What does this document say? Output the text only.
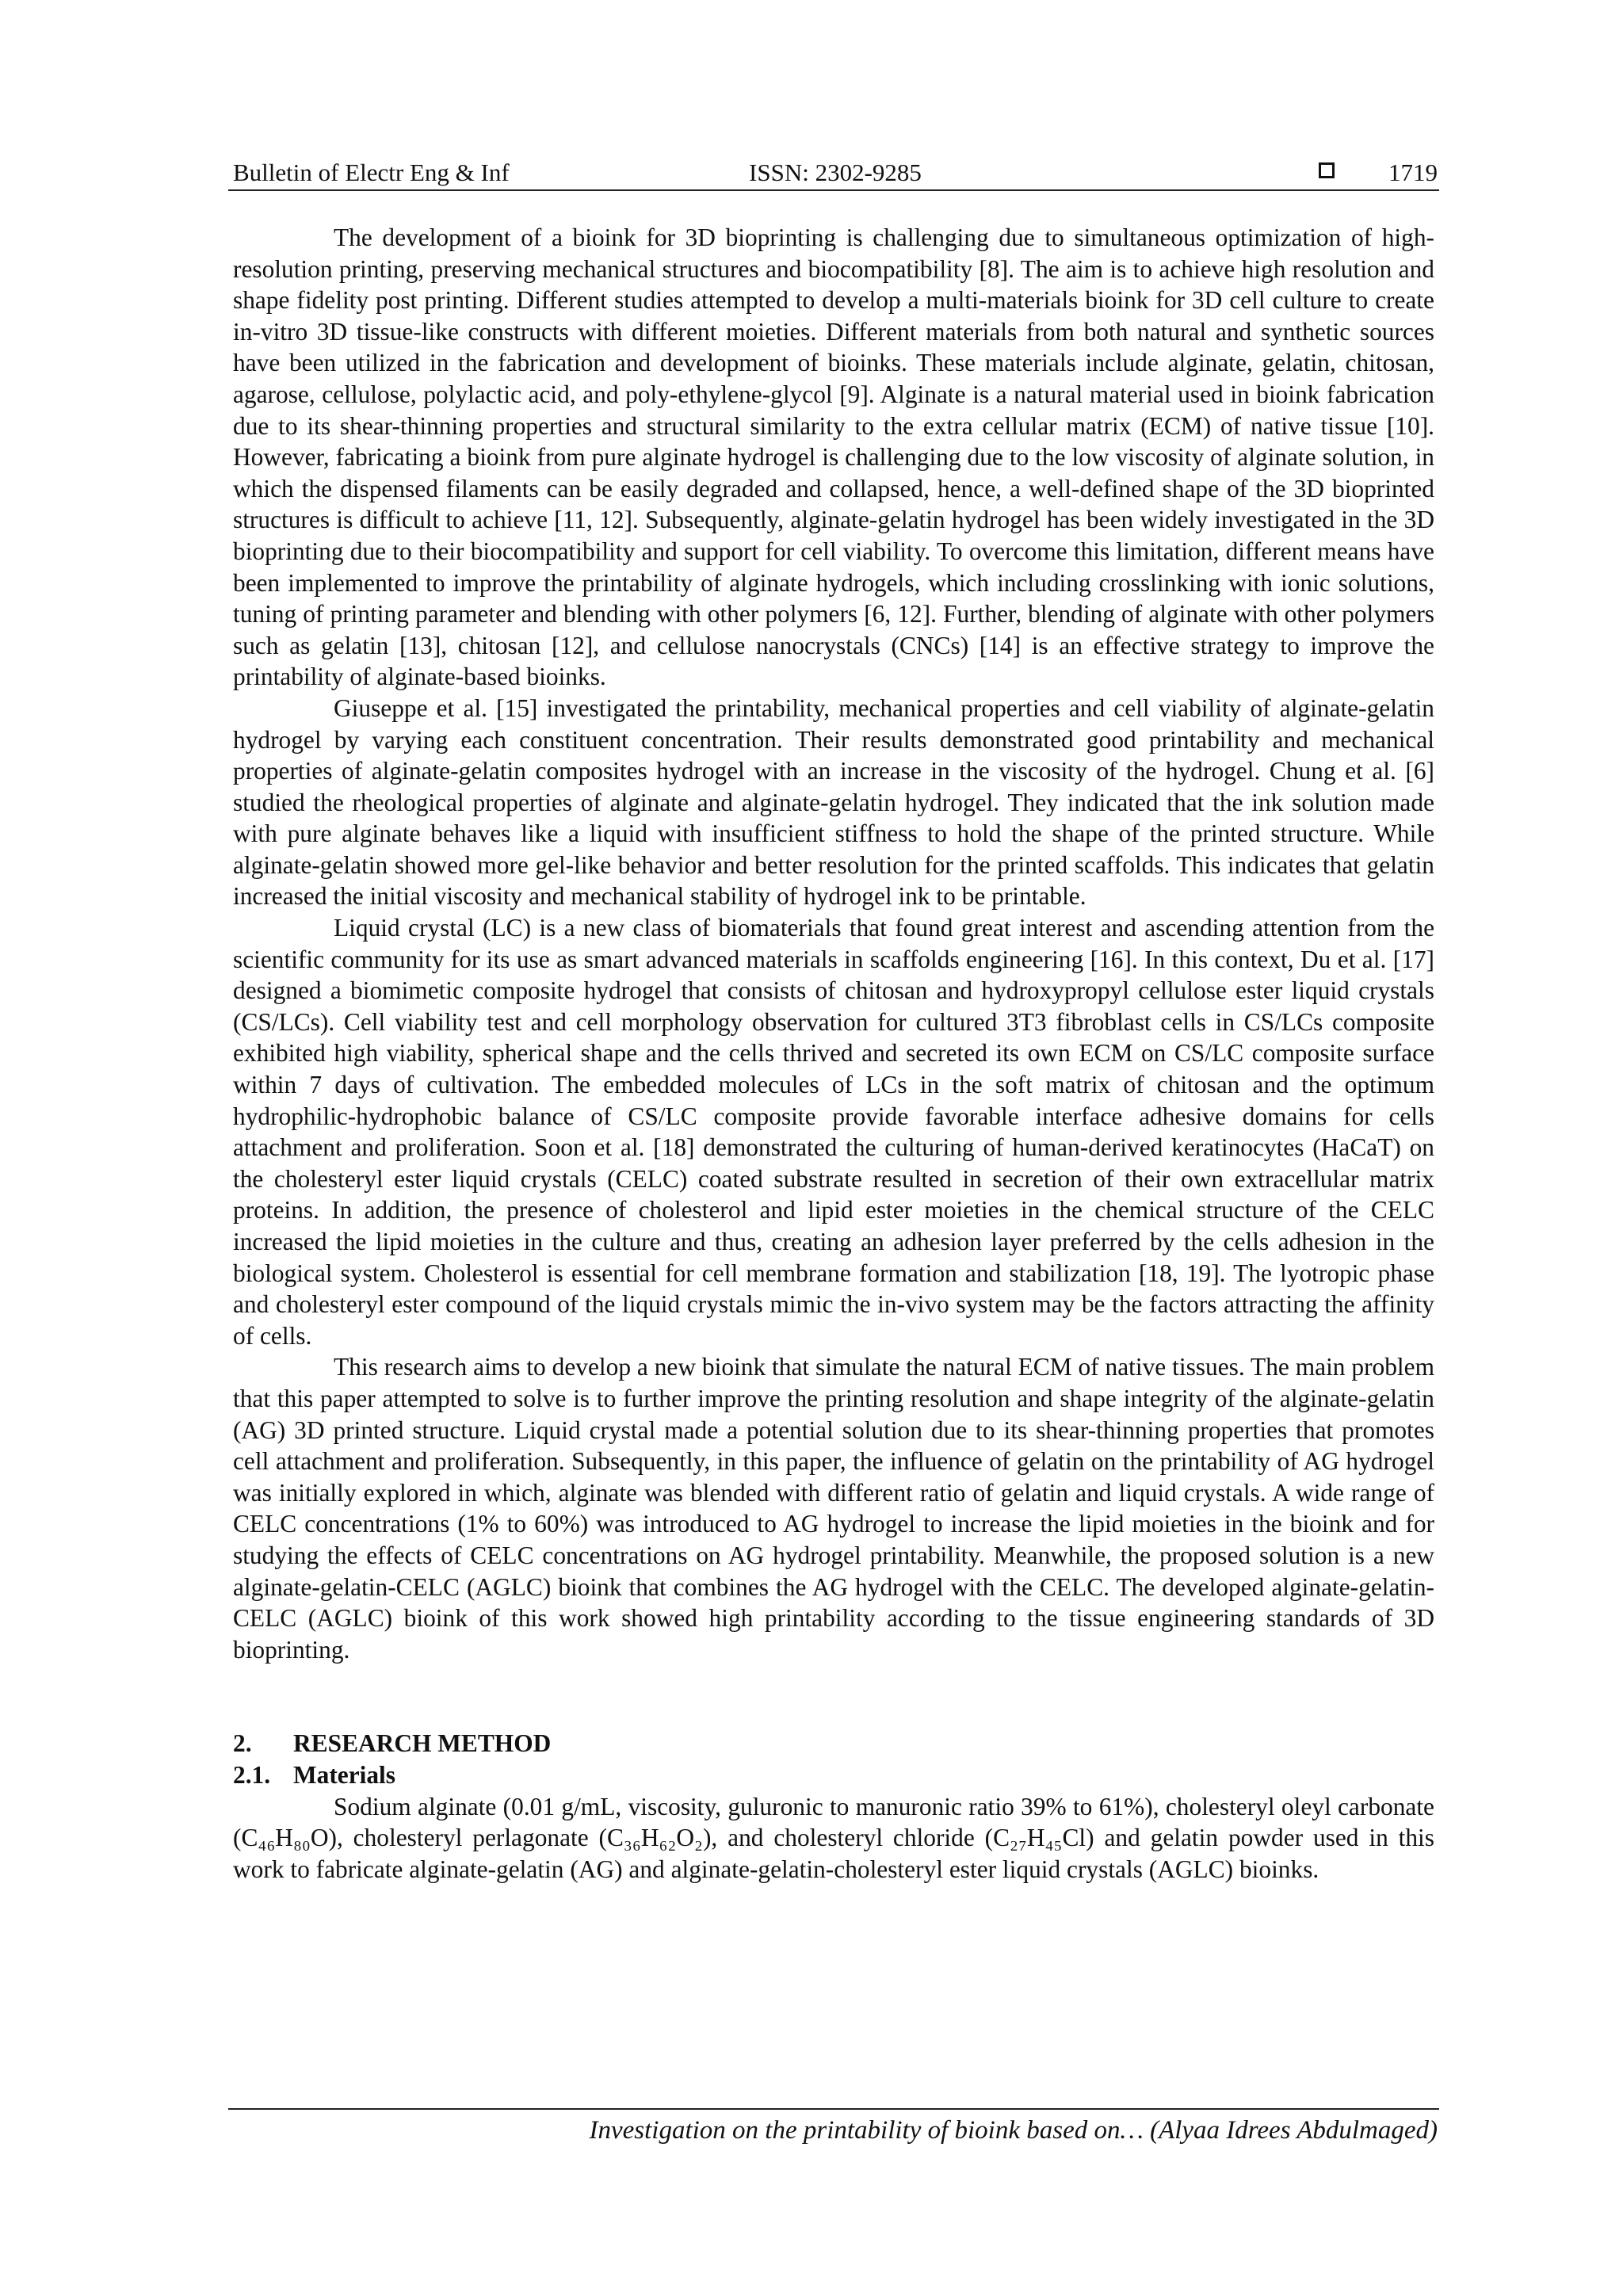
Bulletin of Electr Eng & Inf	ISSN: 2302-9285	1719

The development of a bioink for 3D bioprinting is challenging due to simultaneous optimization of high-resolution printing, preserving mechanical structures and biocompatibility [8]. The aim is to achieve high resolution and shape fidelity post printing. Different studies attempted to develop a multi-materials bioink for 3D cell culture to create in-vitro 3D tissue-like constructs with different moieties. Different materials from both natural and synthetic sources have been utilized in the fabrication and development of bioinks. These materials include alginate, gelatin, chitosan, agarose, cellulose, polylactic acid, and poly-ethylene-glycol [9]. Alginate is a natural material used in bioink fabrication due to its shear-thinning properties and structural similarity to the extra cellular matrix (ECM) of native tissue [10]. However, fabricating a bioink from pure alginate hydrogel is challenging due to the low viscosity of alginate solution, in which the dispensed filaments can be easily degraded and collapsed, hence, a well-defined shape of the 3D bioprinted structures is difficult to achieve [11, 12]. Subsequently, alginate-gelatin hydrogel has been widely investigated in the 3D bioprinting due to their biocompatibility and support for cell viability. To overcome this limitation, different means have been implemented to improve the printability of alginate hydrogels, which including crosslinking with ionic solutions, tuning of printing parameter and blending with other polymers [6, 12]. Further, blending of alginate with other polymers such as gelatin [13], chitosan [12], and cellulose nanocrystals (CNCs) [14] is an effective strategy to improve the printability of alginate-based bioinks.

Giuseppe et al. [15] investigated the printability, mechanical properties and cell viability of alginate-gelatin hydrogel by varying each constituent concentration. Their results demonstrated good printability and mechanical properties of alginate-gelatin composites hydrogel with an increase in the viscosity of the hydrogel. Chung et al. [6] studied the rheological properties of alginate and alginate-gelatin hydrogel. They indicated that the ink solution made with pure alginate behaves like a liquid with insufficient stiffness to hold the shape of the printed structure. While alginate-gelatin showed more gel-like behavior and better resolution for the printed scaffolds. This indicates that gelatin increased the initial viscosity and mechanical stability of hydrogel ink to be printable.

Liquid crystal (LC) is a new class of biomaterials that found great interest and ascending attention from the scientific community for its use as smart advanced materials in scaffolds engineering [16]. In this context, Du et al. [17] designed a biomimetic composite hydrogel that consists of chitosan and hydroxypropyl cellulose ester liquid crystals (CS/LCs). Cell viability test and cell morphology observation for cultured 3T3 fibroblast cells in CS/LCs composite exhibited high viability, spherical shape and the cells thrived and secreted its own ECM on CS/LC composite surface within 7 days of cultivation. The embedded molecules of LCs in the soft matrix of chitosan and the optimum hydrophilic-hydrophobic balance of CS/LC composite provide favorable interface adhesive domains for cells attachment and proliferation. Soon et al. [18] demonstrated the culturing of human-derived keratinocytes (HaCaT) on the cholesteryl ester liquid crystals (CELC) coated substrate resulted in secretion of their own extracellular matrix proteins. In addition, the presence of cholesterol and lipid ester moieties in the chemical structure of the CELC increased the lipid moieties in the culture and thus, creating an adhesion layer preferred by the cells adhesion in the biological system. Cholesterol is essential for cell membrane formation and stabilization [18, 19]. The lyotropic phase and cholesteryl ester compound of the liquid crystals mimic the in-vivo system may be the factors attracting the affinity of cells.

This research aims to develop a new bioink that simulate the natural ECM of native tissues. The main problem that this paper attempted to solve is to further improve the printing resolution and shape integrity of the alginate-gelatin (AG) 3D printed structure. Liquid crystal made a potential solution due to its shear-thinning properties that promotes cell attachment and proliferation. Subsequently, in this paper, the influence of gelatin on the printability of AG hydrogel was initially explored in which, alginate was blended with different ratio of gelatin and liquid crystals. A wide range of CELC concentrations (1% to 60%) was introduced to AG hydrogel to increase the lipid moieties in the bioink and for studying the effects of CELC concentrations on AG hydrogel printability. Meanwhile, the proposed solution is a new alginate-gelatin-CELC (AGLC) bioink that combines the AG hydrogel with the CELC. The developed alginate-gelatin-CELC (AGLC) bioink of this work showed high printability according to the tissue engineering standards of 3D bioprinting.

2. RESEARCH METHOD
2.1. Materials

Sodium alginate (0.01 g/mL, viscosity, guluronic to manuronic ratio 39% to 61%), cholesteryl oleyl carbonate (C₄₆H₈₀O), cholesteryl perlagonate (C₃₆H₆₂O₂), and cholesteryl chloride (C₂₇H₄₅Cl) and gelatin powder used in this work to fabricate alginate-gelatin (AG) and alginate-gelatin-cholesteryl ester liquid crystals (AGLC) bioinks.

Investigation on the printability of bioink based on… (Alyaa Idrees Abdulmaged)
